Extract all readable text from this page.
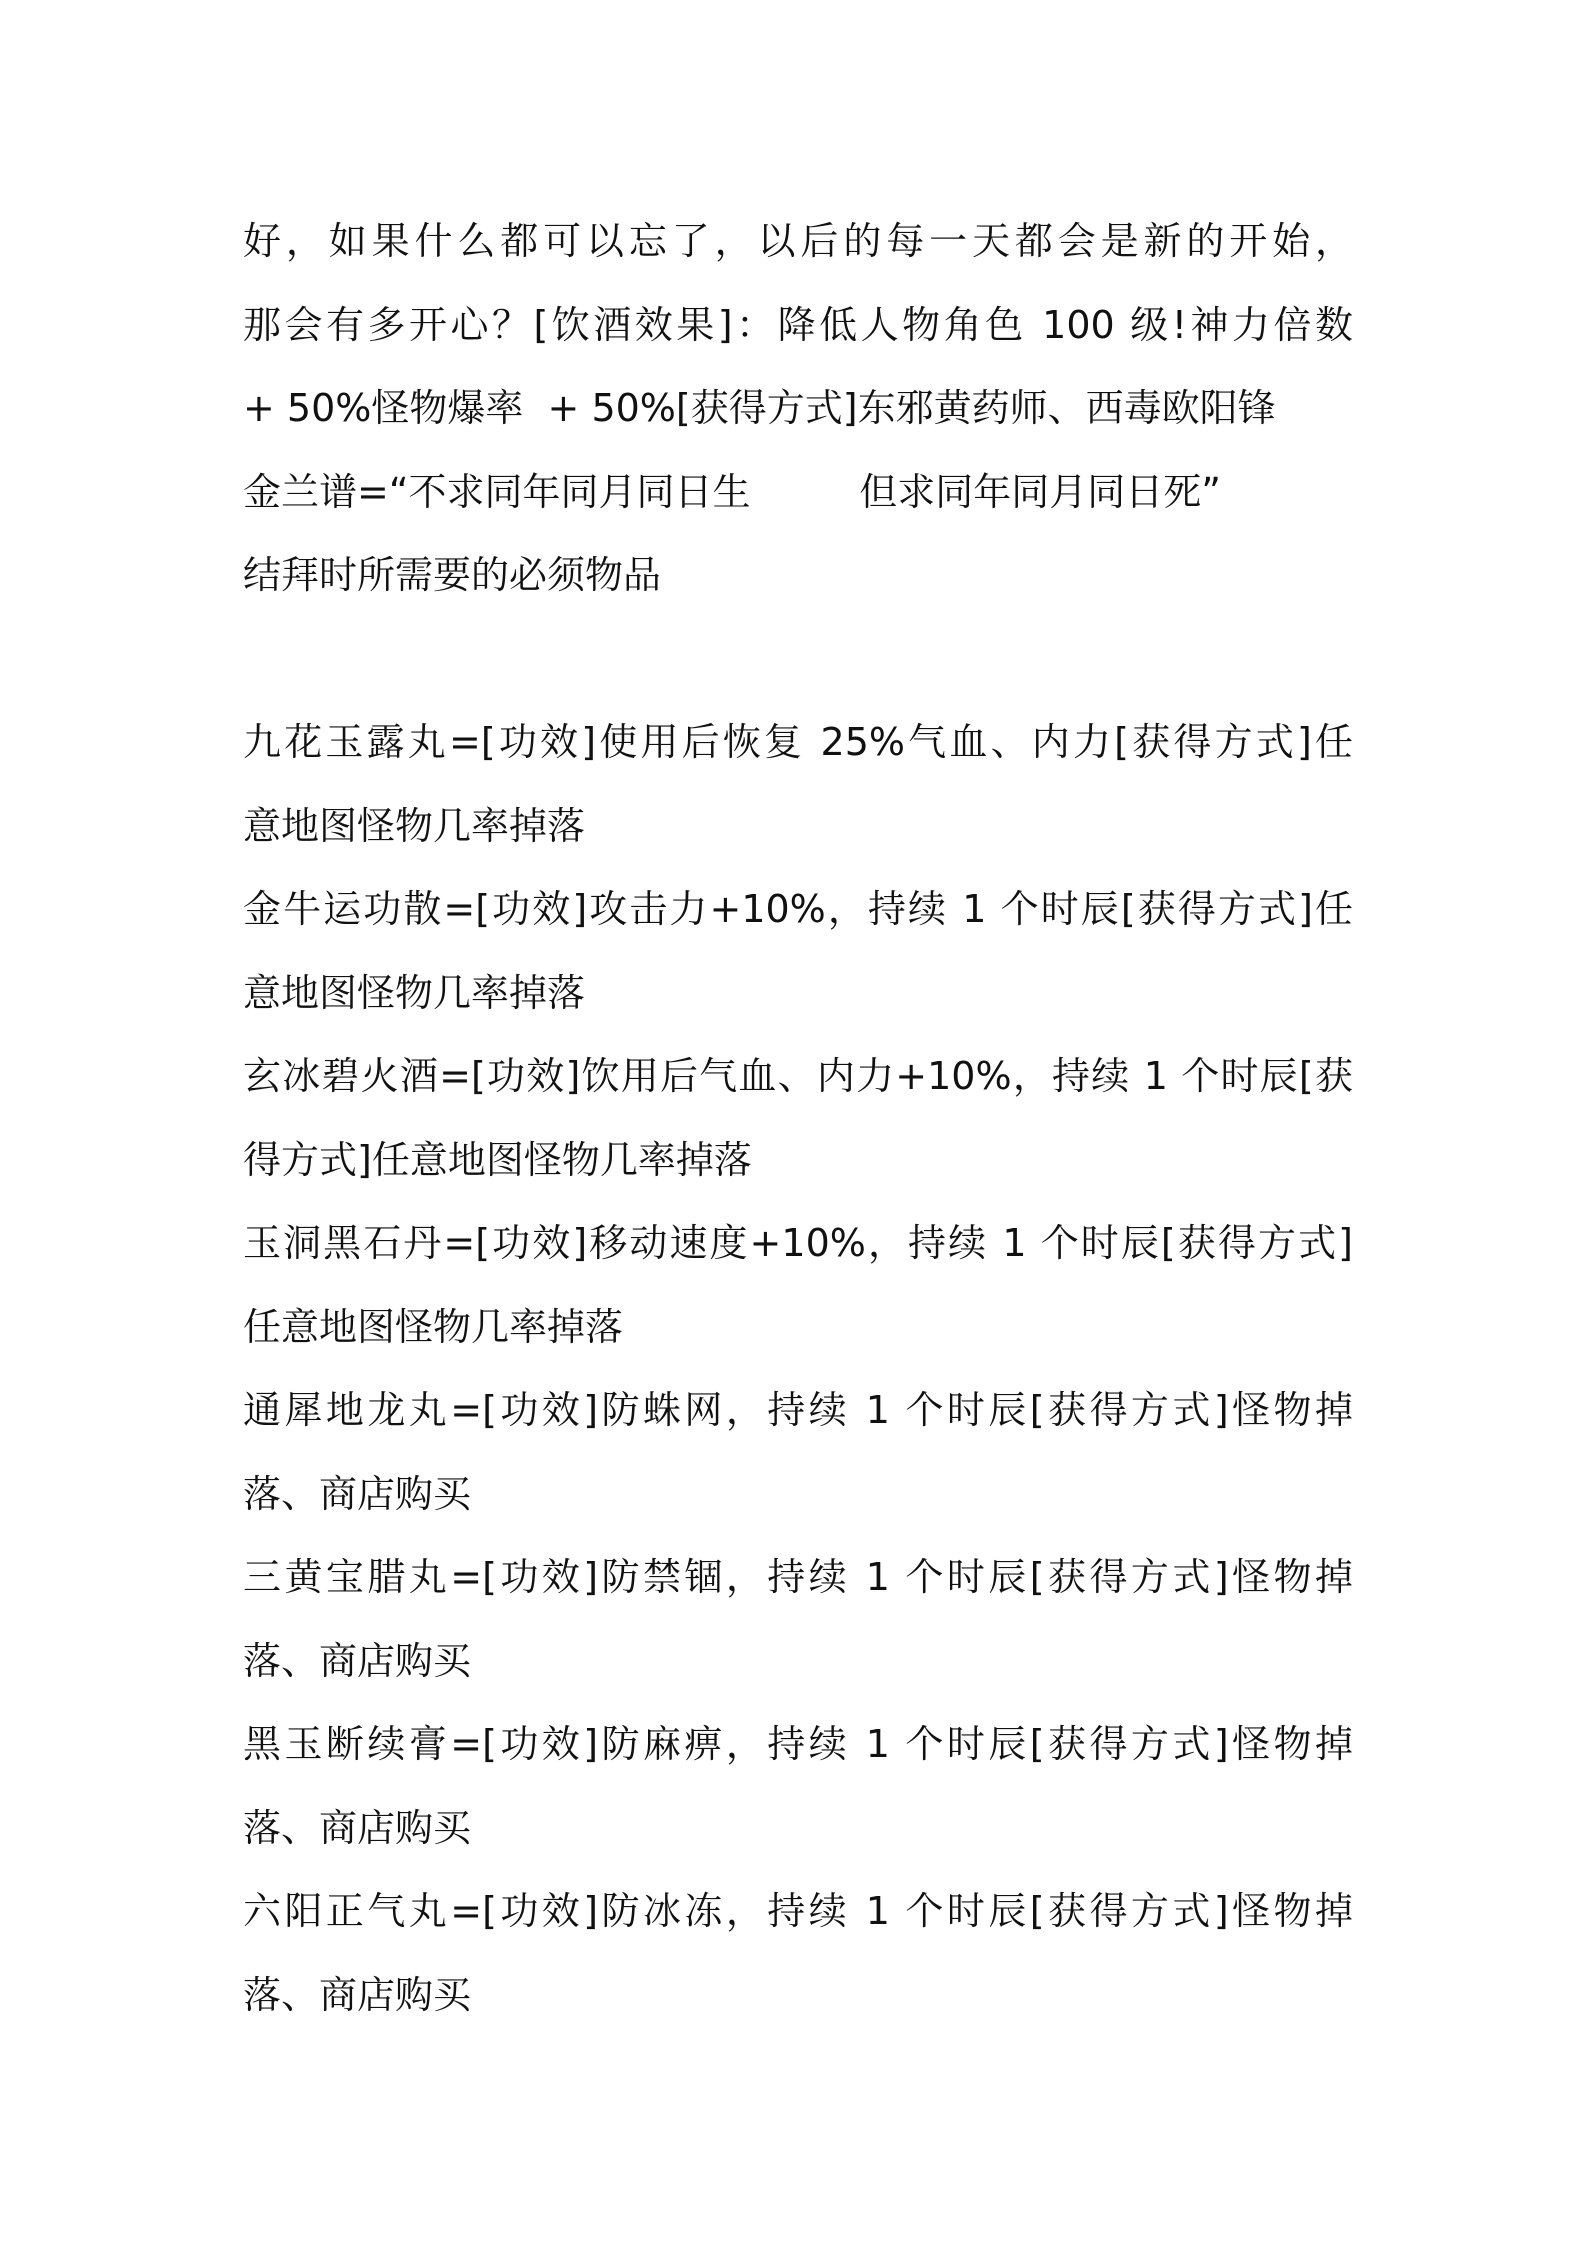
好，如果什么都可以忘了，以后的每一天都会是新的开始，
那会有多开心？[饮酒效果]：降低人物角色 100 级!神力倍数
+ 50%怪物爆率  + 50%[获得方式]东邪黄药师、西毒欧阳锋
金兰谱=“不求同年同月同日生         但求同年同月同日死”
结拜时所需要的必须物品
九花玉露丸=[功效]使用后恢复 25%气血、内力[获得方式]任
意地图怪物几率掉落
金牛运功散=[功效]攻击力+10%，持续 1 个时辰[获得方式]任
意地图怪物几率掉落
玄冰碧火酒=[功效]饮用后气血、内力+10%，持续 1 个时辰[获
得方式]任意地图怪物几率掉落
玉洞黑石丹=[功效]移动速度+10%，持续 1 个时辰[获得方式]
任意地图怪物几率掉落
通犀地龙丸=[功效]防蛛网，持续 1 个时辰[获得方式]怪物掉
落、商店购买
三黄宝腊丸=[功效]防禁锢，持续 1 个时辰[获得方式]怪物掉
落、商店购买
黑玉断续膏=[功效]防麻痹，持续 1 个时辰[获得方式]怪物掉
落、商店购买
六阳正气丸=[功效]防冰冻，持续 1 个时辰[获得方式]怪物掉
落、商店购买
